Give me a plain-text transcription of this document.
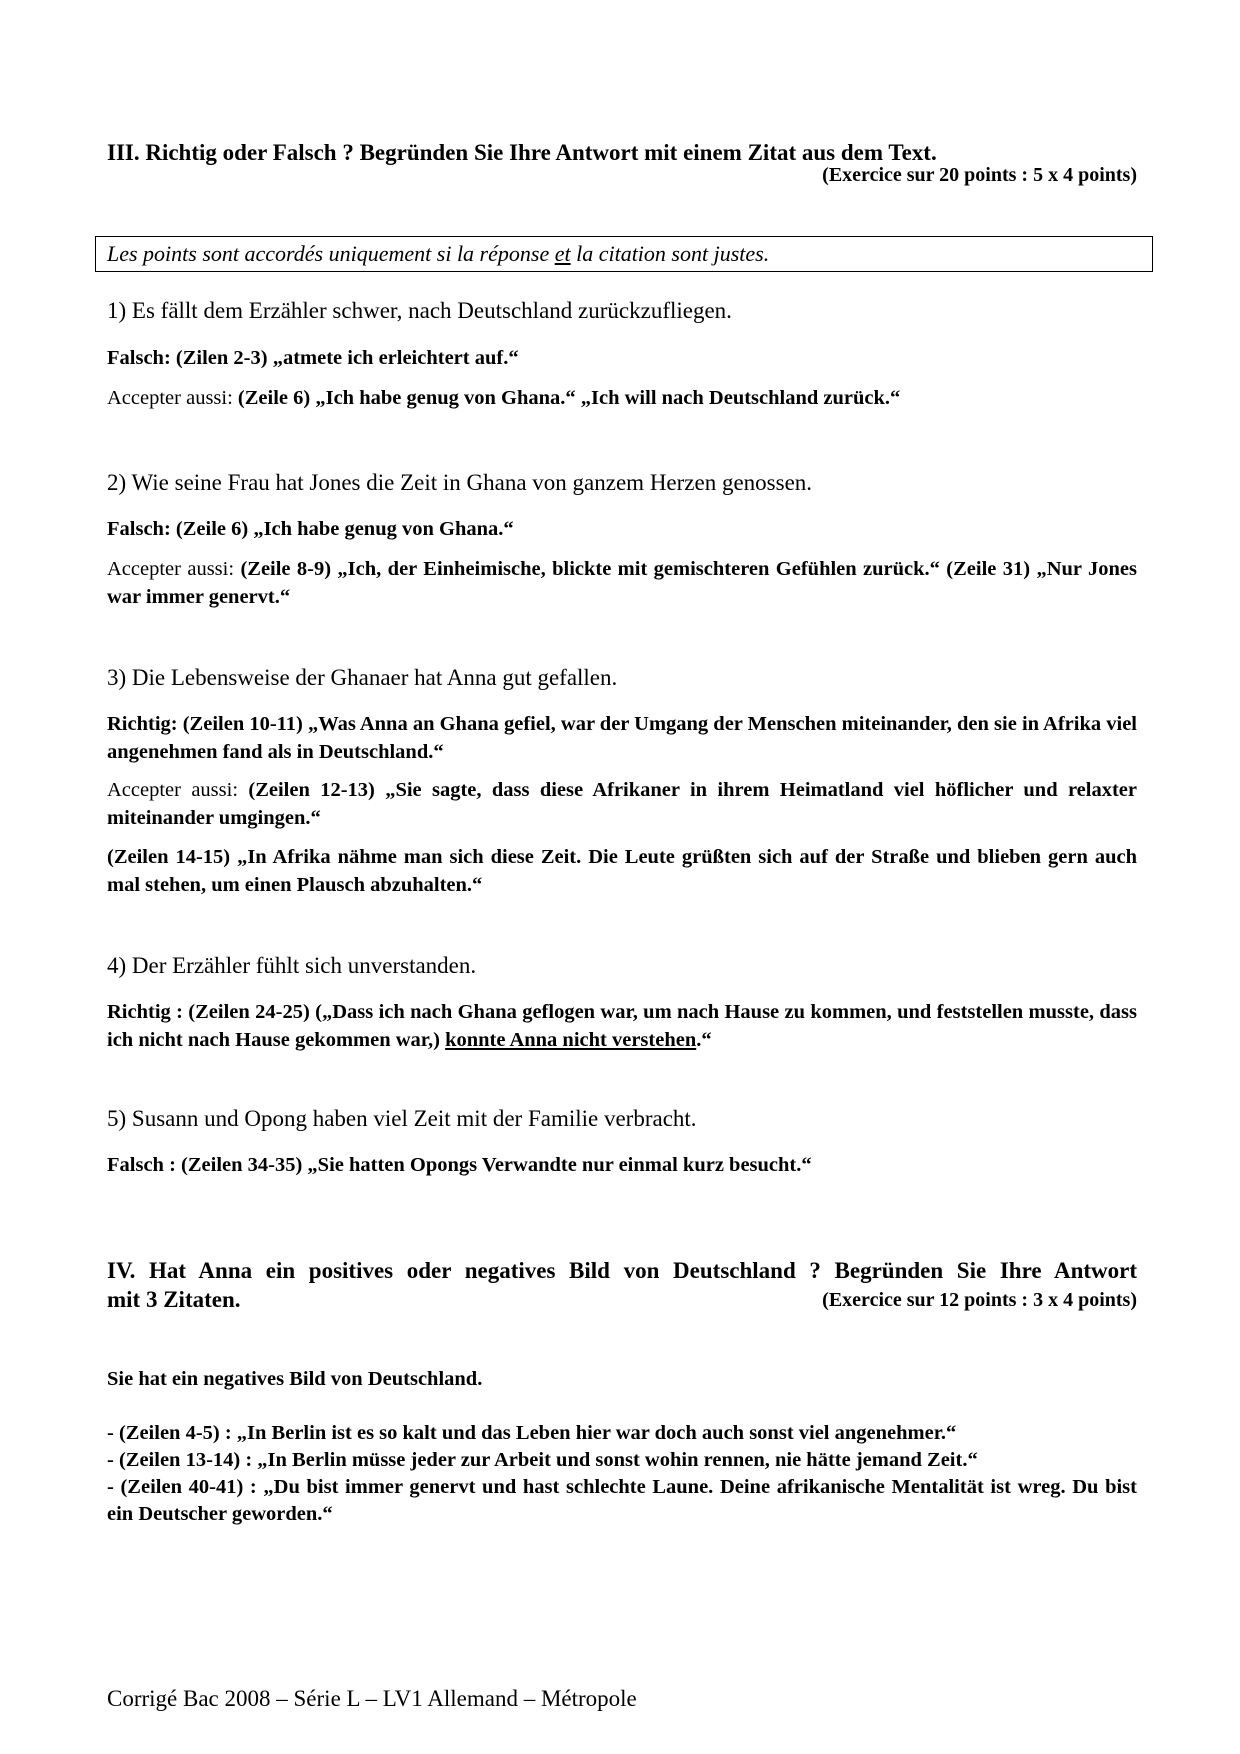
III. Richtig oder Falsch ? Begründen Sie Ihre Antwort mit einem Zitat aus dem Text.
(Exercice sur 20 points : 5 x 4 points)
Les points sont accordés uniquement si la réponse et la citation sont justes.
1) Es fällt dem Erzähler schwer, nach Deutschland zurückzufliegen.
Falsch: (Zilen 2-3) „atmete ich erleichtert auf.“
Accepter aussi: (Zeile 6) „Ich habe genug von Ghana.“ „Ich will nach Deutschland zurück.“
2) Wie seine Frau hat Jones die Zeit in Ghana von ganzem Herzen genossen.
Falsch: (Zeile 6) „Ich habe genug von Ghana.“
Accepter aussi: (Zeile 8-9) „Ich, der Einheimische, blickte mit gemischteren Gefühlen zurück.“ (Zeile 31) „Nur Jones war immer genervt.“
3) Die Lebensweise der Ghanaer hat Anna gut gefallen.
Richtig: (Zeilen 10-11) „Was Anna an Ghana gefiel, war der Umgang der Menschen miteinander, den sie in Afrika viel angenehmen fand als in Deutschland.“
Accepter aussi: (Zeilen 12-13) „Sie sagte, dass diese Afrikaner in ihrem Heimatland viel höflicher und relaxter miteinander umgingen.“
(Zeilen 14-15) „In Afrika nähme man sich diese Zeit. Die Leute grüßten sich auf der Straße und blieben gern auch mal stehen, um einen Plausch abzuhalten.“
4) Der Erzähler fühlt sich unverstanden.
Richtig : (Zeilen 24-25) („Dass ich nach Ghana geflogen war, um nach Hause zu kommen, und feststellen musste, dass ich nicht nach Hause gekommen war,) konnte Anna nicht verstehen.“
5) Susann und Opong haben viel Zeit mit der Familie verbracht.
Falsch : (Zeilen 34-35) „Sie hatten Opongs Verwandte nur einmal kurz besucht.“
IV. Hat Anna ein positives oder negatives Bild von Deutschland ? Begründen Sie Ihre Antwort
mit 3 Zitaten.	(Exercice sur 12 points : 3 x 4 points)
Sie hat ein negatives Bild von Deutschland.
- (Zeilen 4-5) : „In Berlin ist es so kalt und das Leben hier war doch auch sonst viel angenehmer.“
- (Zeilen 13-14) : „In Berlin müsse jeder zur Arbeit und sonst wohin rennen, nie hätte jemand Zeit.“
- (Zeilen 40-41) : „Du bist immer genervt und hast schlechte Laune. Deine afrikanische Mentalität ist wreg. Du bist ein Deutscher geworden.“
Corrigé Bac 2008 – Série L – LV1 Allemand – Métropole
